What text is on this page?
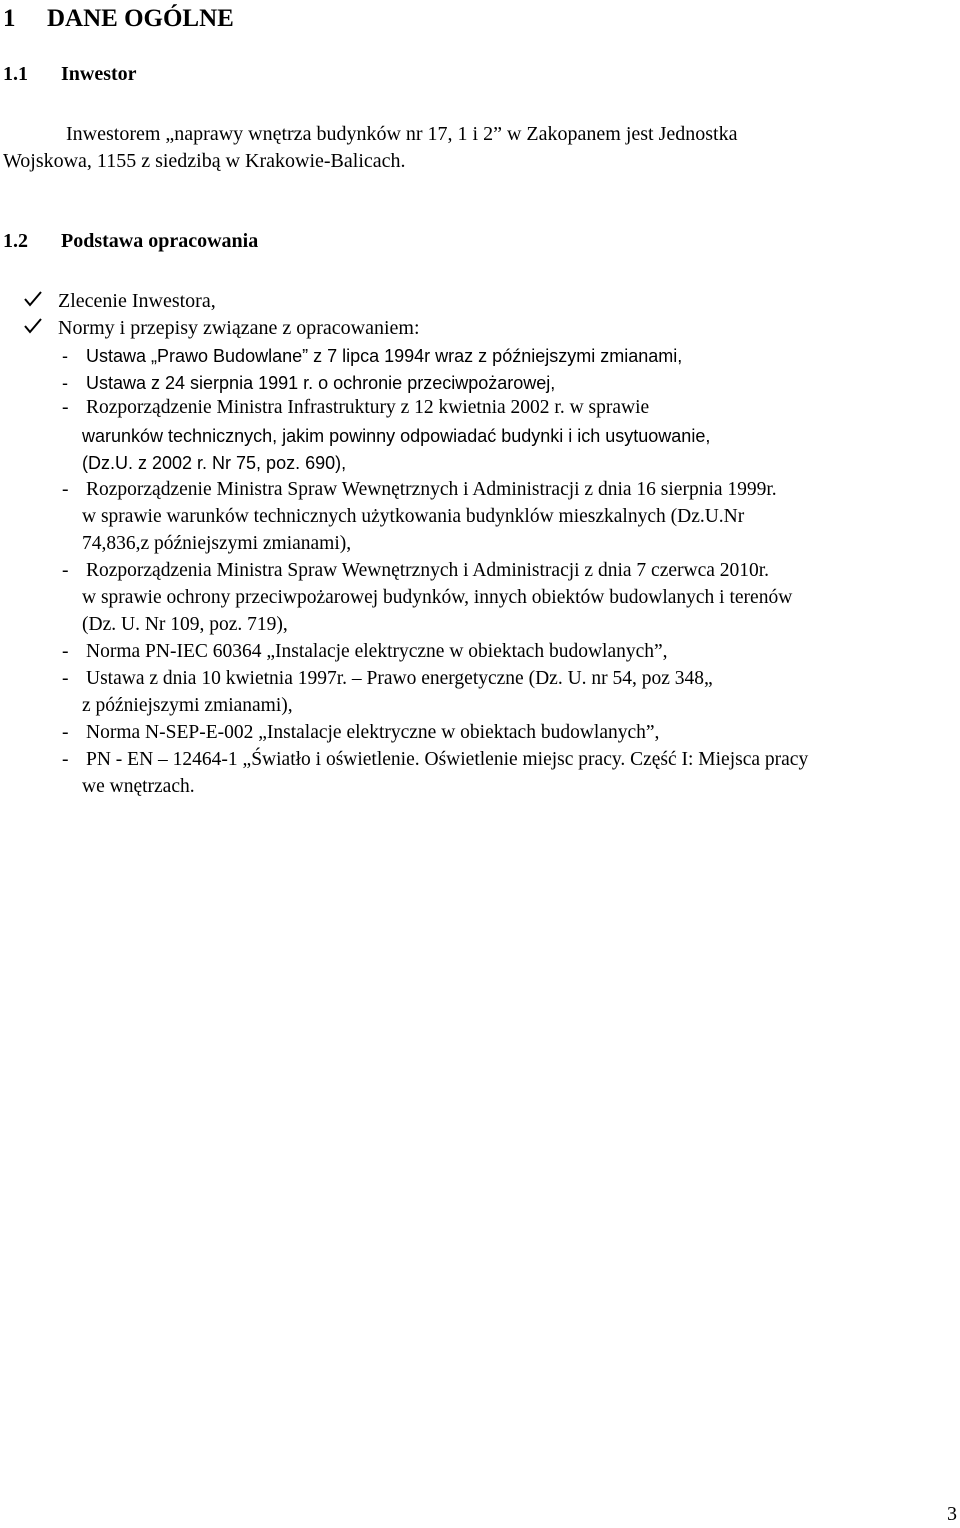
1 DANE OGÓLNE
1.1 Inwestor
Inwestorem „naprawy wnętrza budynków nr 17, 1 i 2” w Zakopanem jest Jednostka
Wojskowa, 1155 z siedzibą w Krakowie-Balicach.
1.2 Podstawa opracowania
Zlecenie Inwestora,
Normy i przepisy związane z opracowaniem:
- Ustawa „Prawo Budowlane” z 7 lipca 1994r wraz z późniejszymi zmianami,
- Ustawa z 24 sierpnia 1991 r. o ochronie przeciwpożarowej,
- Rozporządzenie Ministra Infrastruktury z 12 kwietnia 2002 r. w sprawie
warunków technicznych, jakim powinny odpowiadać budynki i ich usytuowanie,
(Dz.U. z 2002 r. Nr 75, poz. 690),
- Rozporządzenie Ministra Spraw Wewnętrznych i Administracji z dnia 16 sierpnia 1999r.
w sprawie warunków technicznych użytkowania budynklów mieszkalnych (Dz.U.Nr
74,836,z późniejszymi zmianami),
- Rozporządzenia Ministra Spraw Wewnętrznych i Administracji z dnia 7 czerwca 2010r.
w sprawie ochrony przeciwpożarowej budynków, innych obiektów budowlanych i terenów
(Dz. U. Nr 109, poz. 719),
- Norma PN-IEC 60364 „Instalacje elektryczne w obiektach budowlanych”,
- Ustawa z dnia 10 kwietnia 1997r. – Prawo energetyczne (Dz. U. nr 54, poz 348„
z późniejszymi zmianami),
- Norma N-SEP-E-002 „Instalacje elektryczne w obiektach budowlanych”,
- PN - EN – 12464-1 „Światło i oświetlenie. Oświetlenie miejsc pracy. Część I: Miejsca pracy
we wnętrzach.
3
